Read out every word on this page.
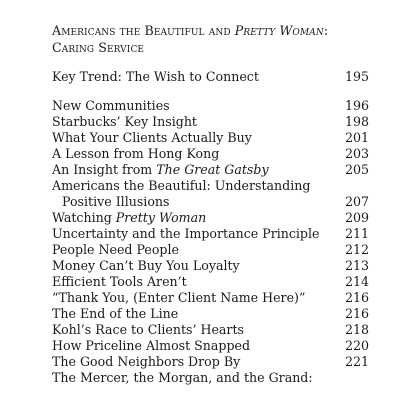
Americans the Beautiful and Pretty Woman:
Caring Service
Key Trend: The Wish to Connect	195
New Communities	196
Starbucks’ Key Insight	198
What Your Clients Actually Buy	201
A Lesson from Hong Kong	203
An Insight from The Great Gatsby	205
Americans the Beautiful: Understanding
Positive Illusions	207
Watching Pretty Woman	209
Uncertainty and the Importance Principle 211
People Need People	212
Money Can’t Buy You Loyalty	213
Efficient Tools Aren’t	214
“Thank You, (Enter Client Name Here)”	216
The End of the Line	216
Kohl’s Race to Clients’ Hearts	218
How Priceline Almost Snapped	220
The Good Neighbors Drop By	221
The Mercer, the Morgan, and the Grand:
